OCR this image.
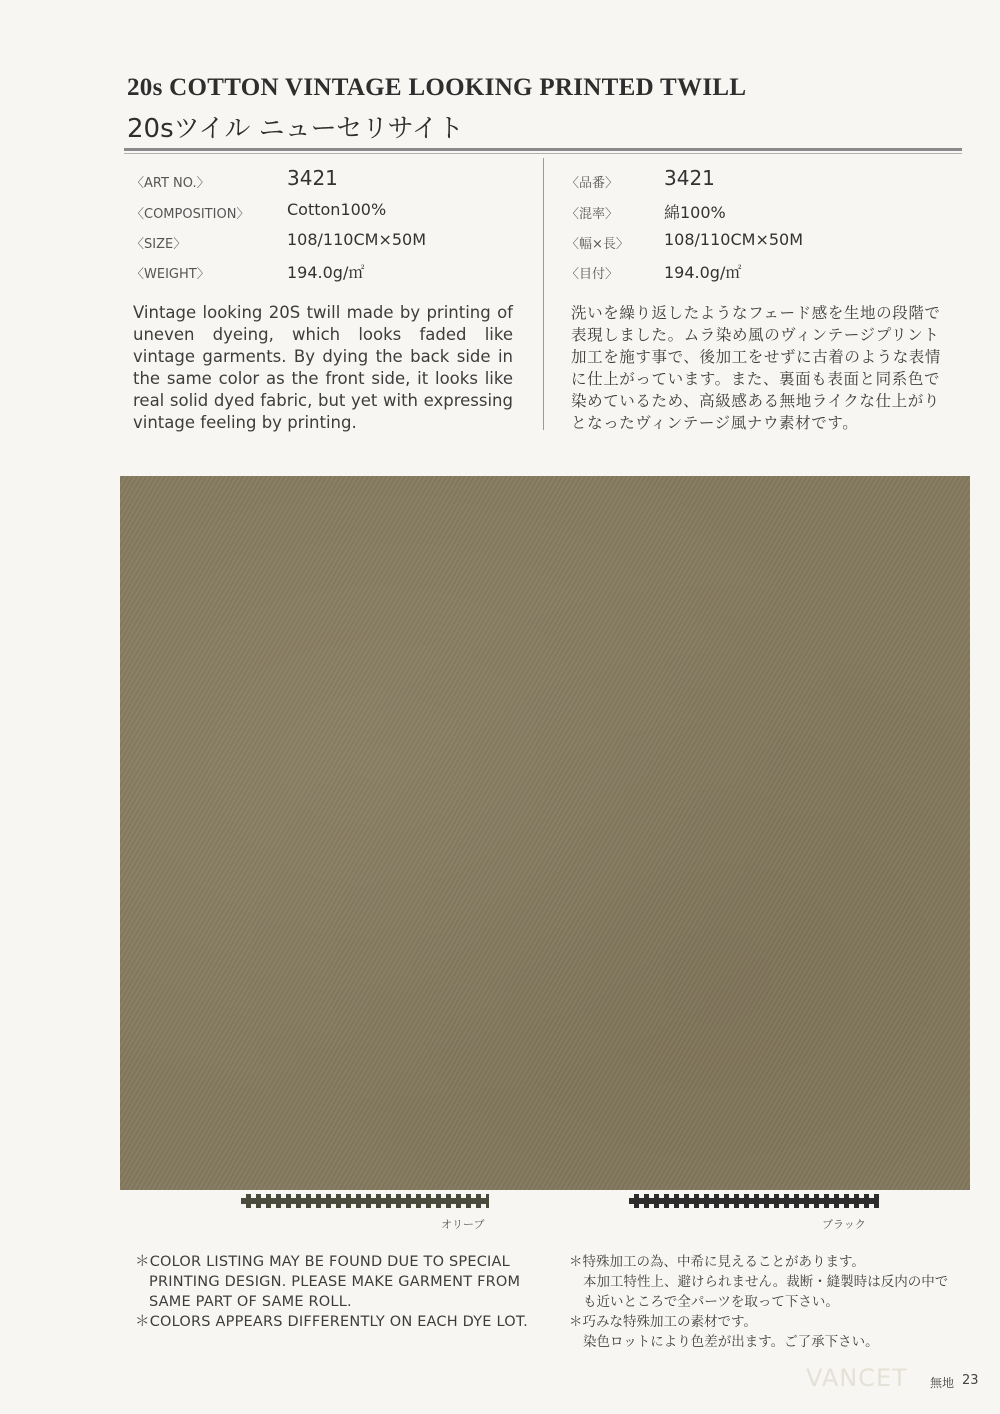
20s COTTON VINTAGE LOOKING PRINTED TWILL
20sツイル ニューセリサイト
〈ART NO.〉	3421
〈COMPOSITION〉 Cotton100%
〈SIZE〉	108/110CM×50M
〈WEIGHT〉	194.0g/㎡
〈品番〉 3421
〈混率〉	綿100%
〈幅×長〉 108/110CM×50M
〈目付〉	194.0g/㎡
Vintage looking 20S twill made by printing of uneven dyeing, which looks faded like vintage garments. By dying the back side in the same color as the front side, it looks like real solid dyed fabric, but yet with expressing vintage feeling by printing.
洗いを繰り返したようなフェード感を生地の段階で表現しました。ムラ染め風のヴィンテージプリント加工を施す事で、後加工をせずに古着のような表情に仕上がっています。また、裏面も表面と同系色で染めているため、高級感ある無地ライクな仕上がりとなったヴィンテージ風ナウ素材です。
オリーブ	ブラック
＊COLOR LISTING MAY BE FOUND DUE TO SPECIAL
PRINTING DESIGN. PLEASE MAKE GARMENT FROM
SAME PART OF SAME ROLL.
＊COLORS APPEARS DIFFERENTLY ON EACH DYE LOT.
＊特殊加工の為、中希に見えることがあります。
本加工特性上、避けられません。裁断・縫製時は反内の中で
も近いところで全パーツを取って下さい。
＊巧みな特殊加工の素材です。
染色ロットにより色差が出ます。ご了承下さい。
VANCET 無地 23
